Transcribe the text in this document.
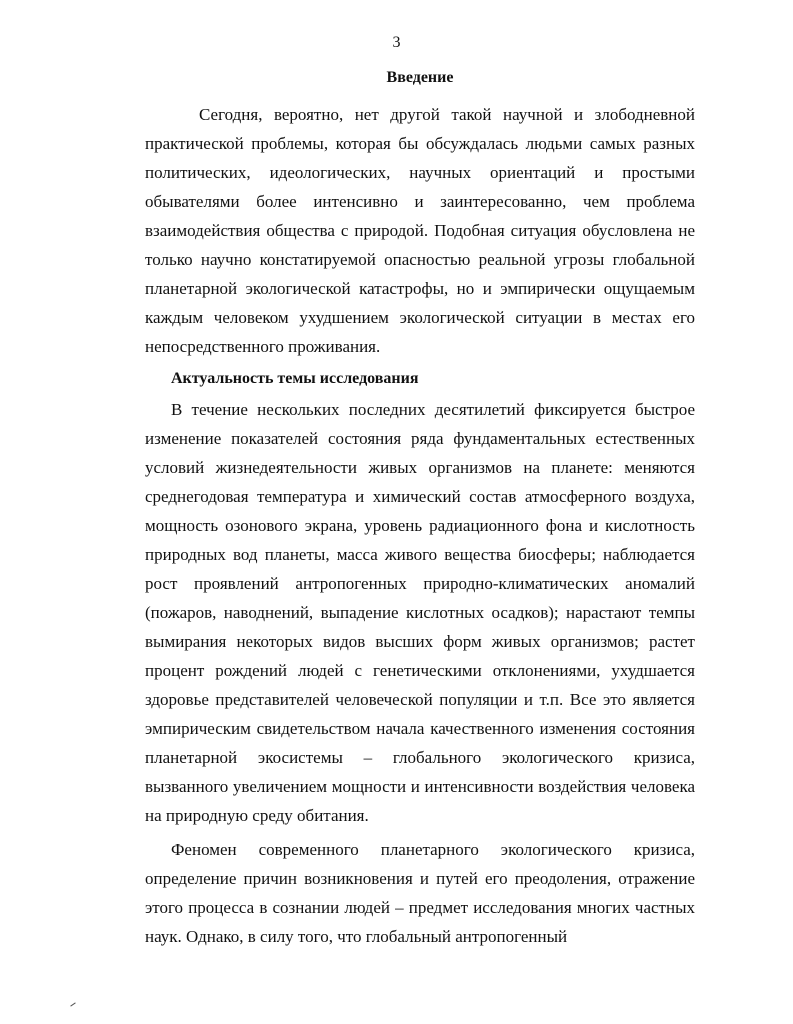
3
Введение

Сегодня, вероятно, нет другой такой научной и злободневной практической проблемы, которая бы обсуждалась людьми самых разных политических, идеологических, научных ориентаций и простыми обывателями более интенсивно и заинтересованно, чем проблема взаимодействия общества с природой. Подобная ситуация обусловлена не только научно констатируемой опасностью реальной угрозы глобальной планетарной экологической катастрофы, но и эмпирически ощущаемым каждым человеком ухудшением экологической ситуации в местах его непосредственного проживания.

Актуальность темы исследования

В течение нескольких последних десятилетий фиксируется быстрое изменение показателей состояния ряда фундаментальных естественных условий жизнедеятельности живых организмов на планете: меняются среднегодовая температура и химический состав атмосферного воздуха, мощность озонового экрана, уровень радиационного фона и кислотность природных вод планеты, масса живого вещества биосферы; наблюдается рост проявлений антропогенных природно-климатических аномалий (пожаров, наводнений, выпадение кислотных осадков); нарастают темпы вымирания некоторых видов высших форм живых организмов; растет процент рождений людей с генетическими отклонениями, ухудшается здоровье представителей человеческой популяции и т.п. Все это является эмпирическим свидетельством начала качественного изменения состояния планетарной экосистемы – глобального экологического кризиса, вызванного увеличением мощности и интенсивности воздействия человека на природную среду обитания.

Феномен современного планетарного экологического кризиса, определение причин возникновения и путей его преодоления, отражение этого процесса в сознании людей – предмет исследования многих частных наук. Однако, в силу того, что глобальный антропогенный
